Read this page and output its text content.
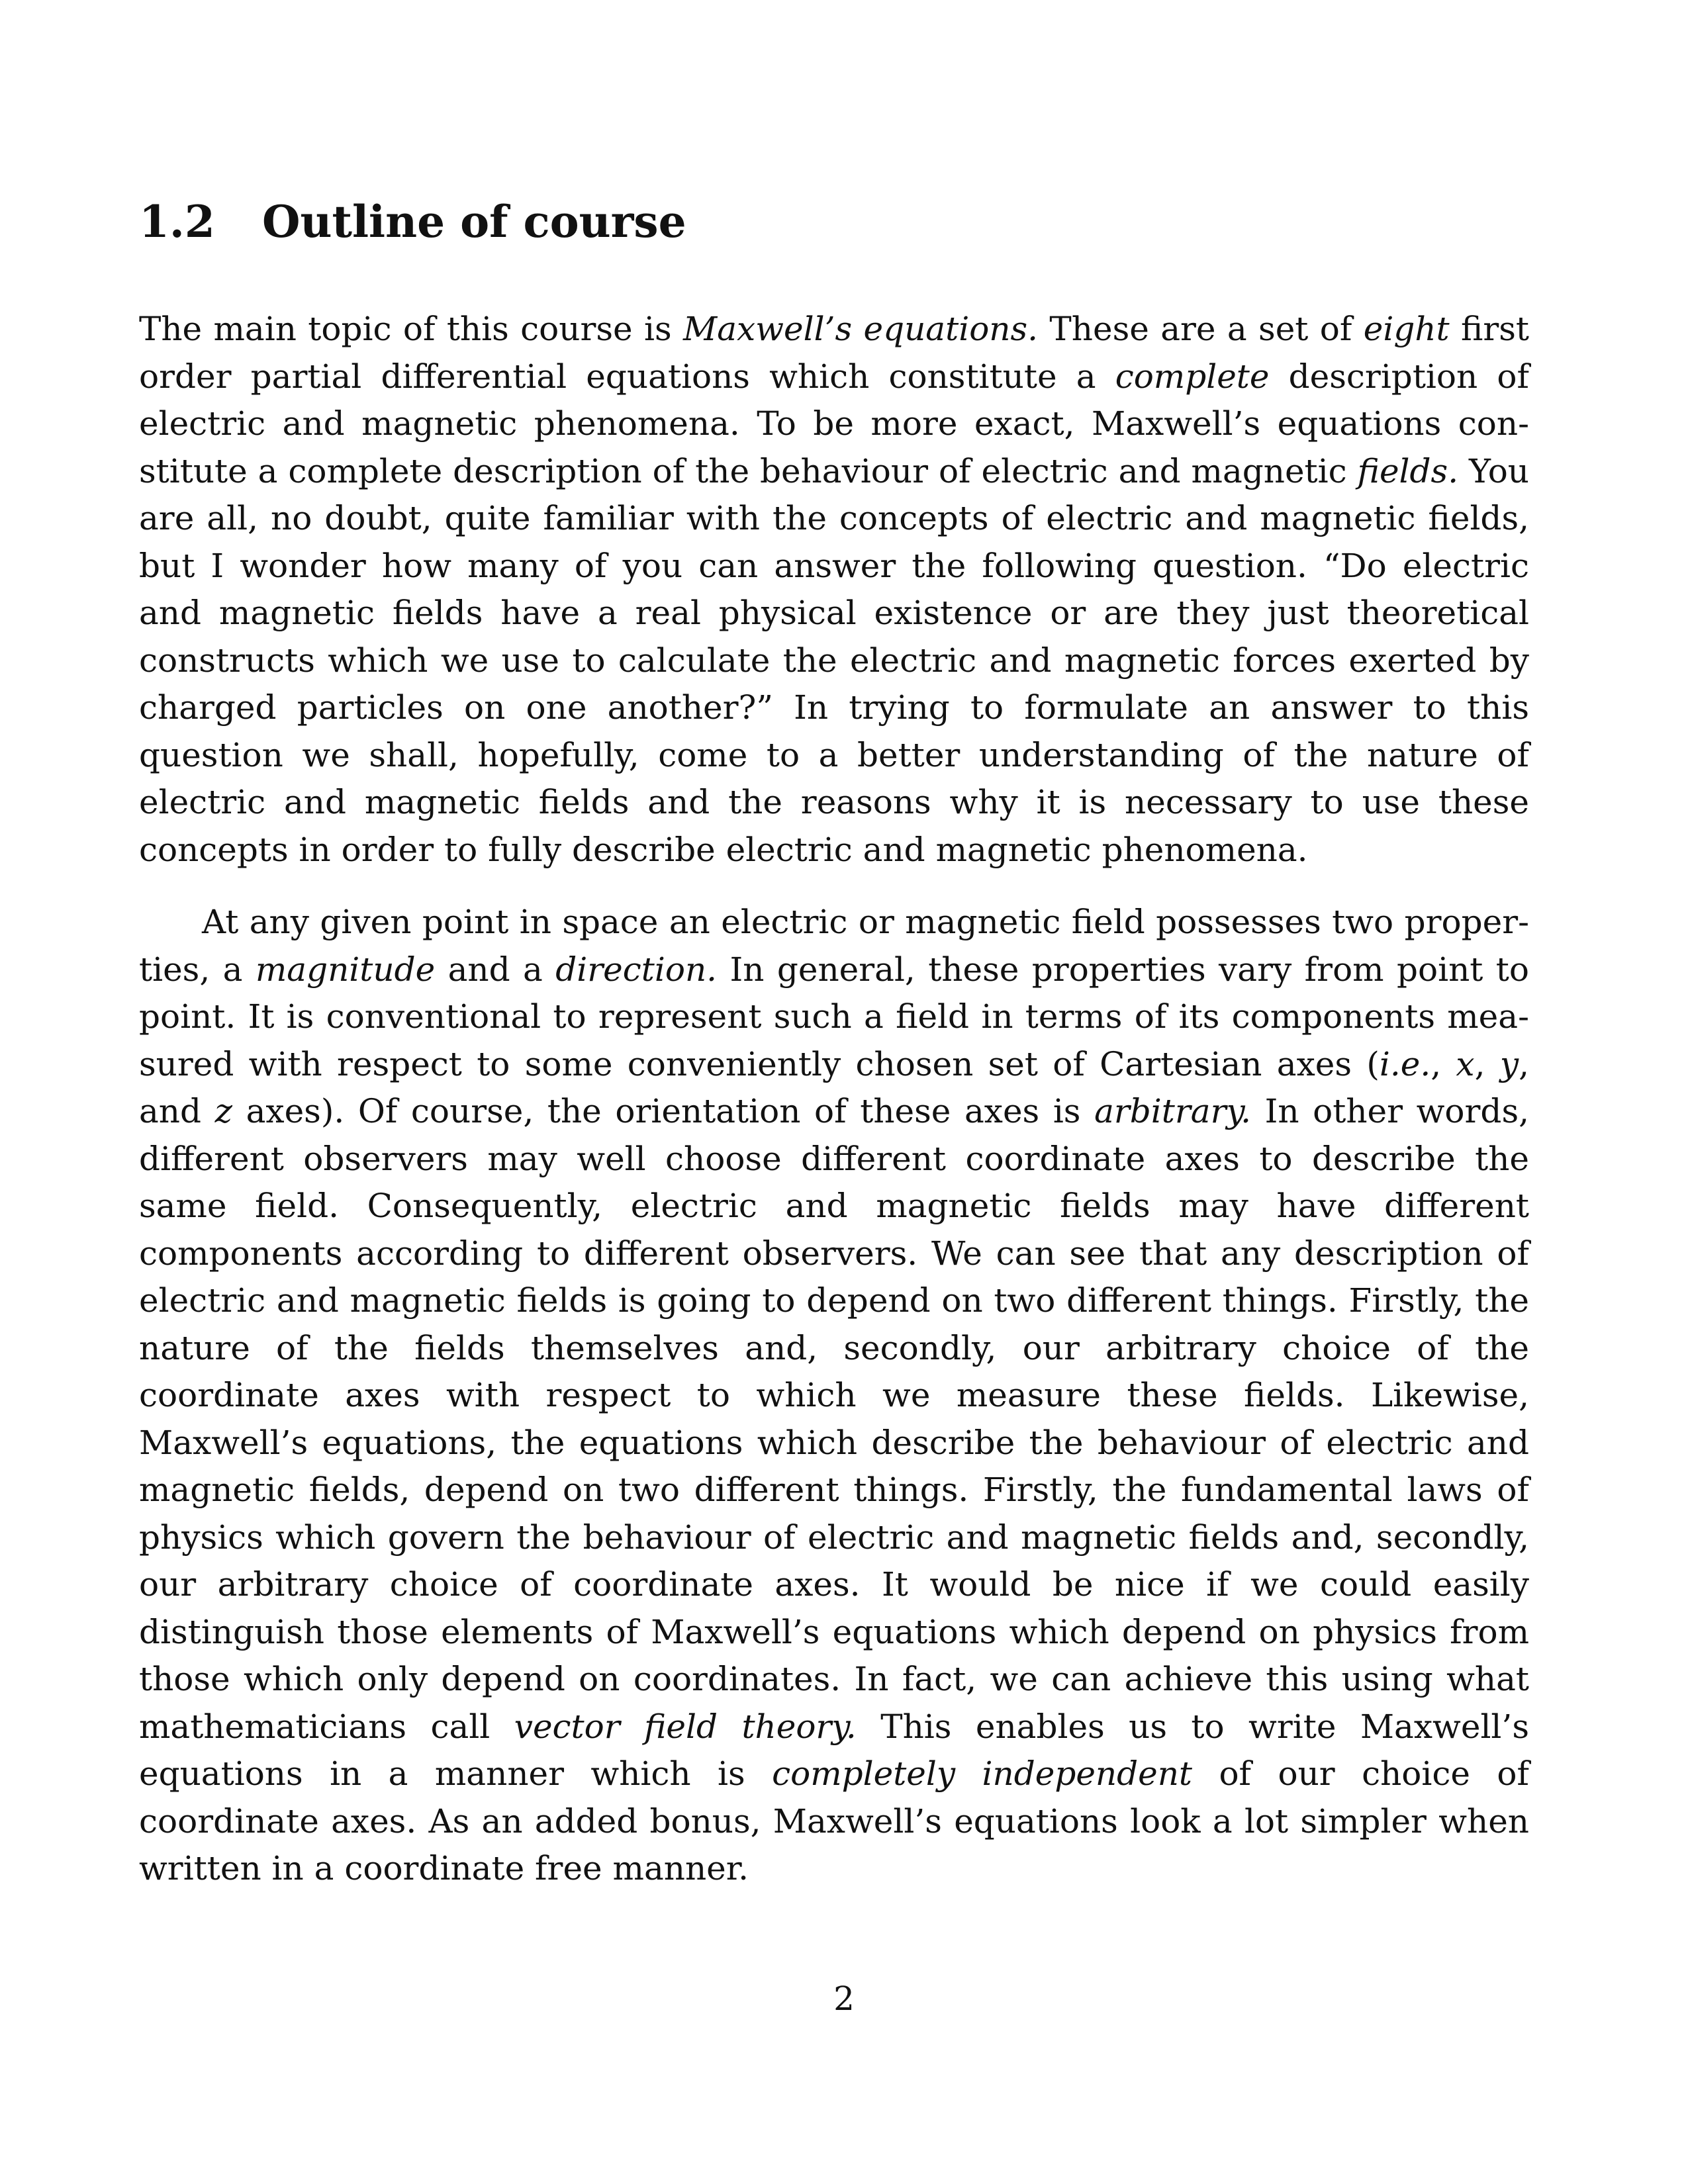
1.2 Outline of course

The main topic of this course is Maxwell’s equations. These are a set of eight first order partial differential equations which constitute a complete description of electric and magnetic phenomena. To be more exact, Maxwell’s equations constitute a complete description of the behaviour of electric and magnetic fields. You are all, no doubt, quite familiar with the concepts of electric and magnetic fields, but I wonder how many of you can answer the following question. “Do electric and magnetic fields have a real physical existence or are they just theoretical constructs which we use to calculate the electric and magnetic forces exerted by charged particles on one another?” In trying to formulate an answer to this question we shall, hopefully, come to a better understanding of the nature of electric and magnetic fields and the reasons why it is necessary to use these concepts in order to fully describe electric and magnetic phenomena.

At any given point in space an electric or magnetic field possesses two properties, a magnitude and a direction. In general, these properties vary from point to point. It is conventional to represent such a field in terms of its components measured with respect to some conveniently chosen set of Cartesian axes (i.e., x, y, and z axes). Of course, the orientation of these axes is arbitrary. In other words, different observers may well choose different coordinate axes to describe the same field. Consequently, electric and magnetic fields may have different components according to different observers. We can see that any description of electric and magnetic fields is going to depend on two different things. Firstly, the nature of the fields themselves and, secondly, our arbitrary choice of the coordinate axes with respect to which we measure these fields. Likewise, Maxwell’s equations, the equations which describe the behaviour of electric and magnetic fields, depend on two different things. Firstly, the fundamental laws of physics which govern the behaviour of electric and magnetic fields and, secondly, our arbitrary choice of coordinate axes. It would be nice if we could easily distinguish those elements of Maxwell’s equations which depend on physics from those which only depend on coordinates. In fact, we can achieve this using what mathematicians call vector field theory. This enables us to write Maxwell’s equations in a manner which is completely independent of our choice of coordinate axes. As an added bonus, Maxwell’s equations look a lot simpler when written in a coordinate free manner.

2
